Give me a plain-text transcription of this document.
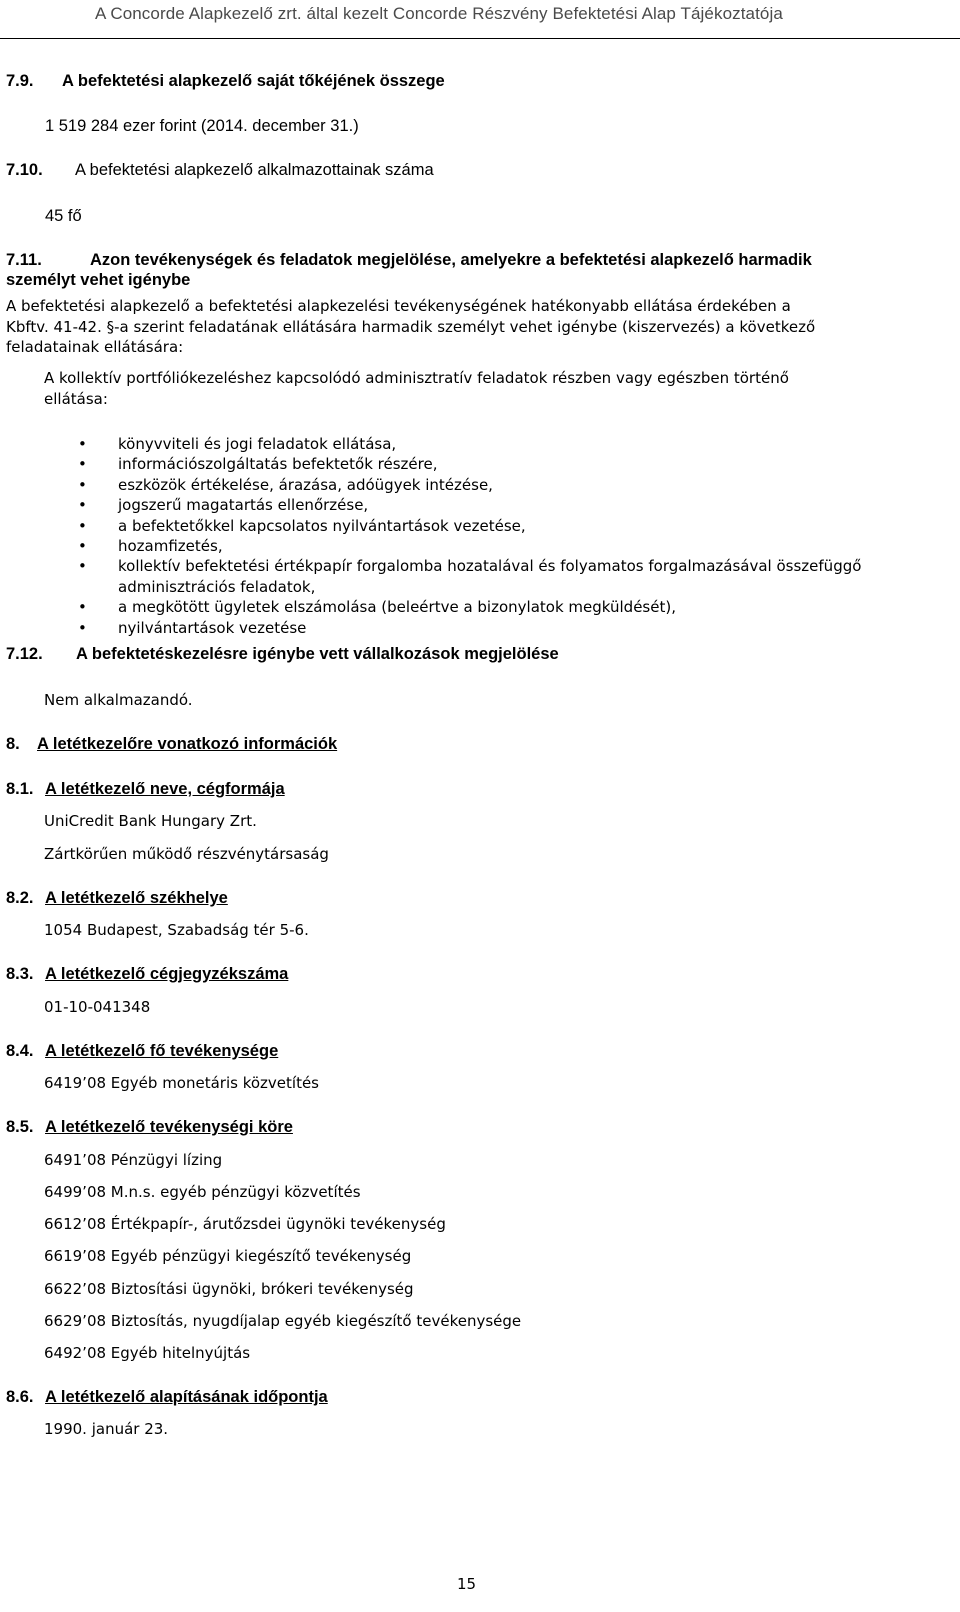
A Concorde Alapkezelő zrt. által kezelt Concorde Részvény Befektetési Alap Tájékoztatója
7.9. A befektetési alapkezelő saját tőkéjének összege
1 519 284 ezer forint (2014. december 31.)
7.10. A befektetési alapkezelő alkalmazottainak száma
45 fő
7.11.	Azon tevékenységek és feladatok megjelölése, amelyekre a befektetési alapkezelő harmadik
személyt vehet igénybe
A befektetési alapkezelő a befektetési alapkezelési tevékenységének hatékonyabb ellátása érdekében a
Kbftv. 41-42. §-a szerint feladatának ellátására harmadik személyt vehet igénybe (kiszervezés) a következő
feladatainak ellátására:
A kollektív portfóliókezeléshez kapcsolódó adminisztratív feladatok részben vagy egészben történő
ellátása:
• könyvviteli és jogi feladatok ellátása,
• információszolgáltatás befektetők részére,
• eszközök értékelése, árazása, adóügyek intézése,
• jogszerű magatartás ellenőrzése,
• a befektetőkkel kapcsolatos nyilvántartások vezetése,
• hozamfizetés,
• kollektív befektetési értékpapír forgalomba hozatalával és folyamatos forgalmazásával összefüggő adminisztrációs feladatok,
• a megkötött ügyletek elszámolása (beleértve a bizonylatok megküldését),
• nyilvántartások vezetése
7.12. A befektetéskezelésre igénybe vett vállalkozások megjelölése
Nem alkalmazandó.
8. A letétkezelőre vonatkozó információk
8.1. A letétkezelő neve, cégformája
UniCredit Bank Hungary Zrt.
Zártkörűen működő részvénytársaság
8.2. A letétkezelő székhelye
1054 Budapest, Szabadság tér 5-6.
8.3. A letétkezelő cégjegyzékszáma
01-10-041348
8.4. A letétkezelő fő tevékenysége
6419’08 Egyéb monetáris közvetítés
8.5. A letétkezelő tevékenységi köre
6491’08 Pénzügyi lízing
6499’08 M.n.s. egyéb pénzügyi közvetítés
6612’08 Értékpapír-, árutőzsdei ügynöki tevékenység
6619’08 Egyéb pénzügyi kiegészítő tevékenység
6622’08 Biztosítási ügynöki, brókeri tevékenység
6629’08 Biztosítás, nyugdíjalap egyéb kiegészítő tevékenysége
6492’08 Egyéb hitelnyújtás
8.6. A letétkezelő alapításának időpontja
1990. január 23.
15
